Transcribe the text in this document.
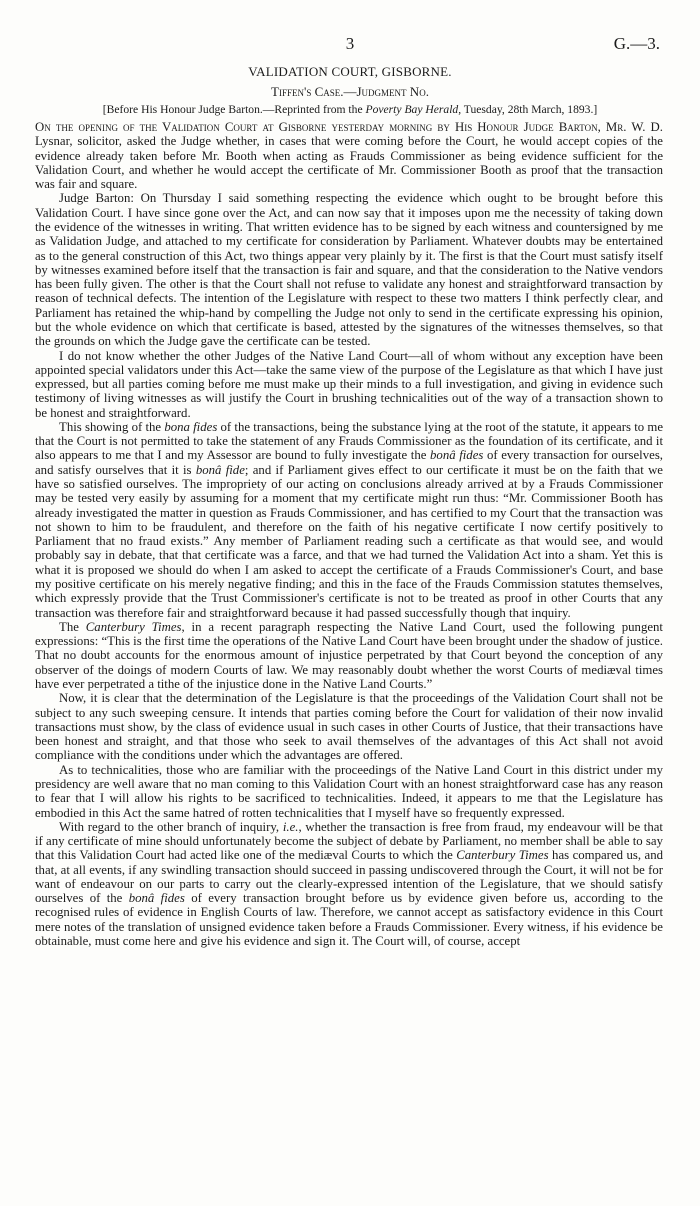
3	G.—3.
VALIDATION COURT, GISBORNE.
Tiffen's Case.—Judgment No.
[Before His Honour Judge Barton.—Reprinted from the Poverty Bay Herald, Tuesday, 28th March, 1893.]

On the opening of the Validation Court at Gisborne yesterday morning by His Honour Judge Barton, Mr. W. D. Lysnar, solicitor, asked the Judge whether, in cases that were coming before the Court, he would accept copies of the evidence already taken before Mr. Booth when acting as Frauds Commissioner as being evidence sufficient for the Validation Court, and whether he would accept the certificate of Mr. Commissioner Booth as proof that the transaction was fair and square.

Judge Barton: On Thursday I said something respecting the evidence which ought to be brought before this Validation Court. I have since gone over the Act, and can now say that it imposes upon me the necessity of taking down the evidence of the witnesses in writing. That written evidence has to be signed by each witness and countersigned by me as Validation Judge, and attached to my certificate for consideration by Parliament. Whatever doubts may be entertained as to the general construction of this Act, two things appear very plainly by it. The first is that the Court must satisfy itself by witnesses examined before itself that the transaction is fair and square, and that the consideration to the Native vendors has been fully given. The other is that the Court shall not refuse to validate any honest and straightforward transaction by reason of technical defects. The intention of the Legislature with respect to these two matters I think perfectly clear, and Parliament has retained the whip-hand by compelling the Judge not only to send in the certificate expressing his opinion, but the whole evidence on which that certificate is based, attested by the signatures of the witnesses themselves, so that the grounds on which the Judge gave the certificate can be tested.

I do not know whether the other Judges of the Native Land Court—all of whom without any exception have been appointed special validators under this Act—take the same view of the purpose of the Legislature as that which I have just expressed, but all parties coming before me must make up their minds to a full investigation, and giving in evidence such testimony of living witnesses as will justify the Court in brushing technicalities out of the way of a transaction shown to be honest and straightforward.

This showing of the bona fides of the transactions, being the substance lying at the root of the statute, it appears to me that the Court is not permitted to take the statement of any Frauds Commissioner as the foundation of its certificate, and it also appears to me that I and my Assessor are bound to fully investigate the bonâ fides of every transaction for ourselves, and satisfy ourselves that it is bonâ fide; and if Parliament gives effect to our certificate it must be on the faith that we have so satisfied ourselves. The impropriety of our acting on conclusions already arrived at by a Frauds Commissioner may be tested very easily by assuming for a moment that my certificate might run thus: “Mr. Commissioner Booth has already investigated the matter in question as Frauds Commissioner, and has certified to my Court that the transaction was not shown to him to be fraudulent, and therefore on the faith of his negative certificate I now certify positively to Parliament that no fraud exists.” Any member of Parliament reading such a certificate as that would see, and would probably say in debate, that that certificate was a farce, and that we had turned the Validation Act into a sham. Yet this is what it is proposed we should do when I am asked to accept the certificate of a Frauds Commissioner's Court, and base my positive certificate on his merely negative finding; and this in the face of the Frauds Commission statutes themselves, which expressly provide that the Trust Commissioner's certificate is not to be treated as proof in other Courts that any transaction was therefore fair and straightforward because it had passed successfully though that inquiry.

The Canterbury Times, in a recent paragraph respecting the Native Land Court, used the following pungent expressions: “This is the first time the operations of the Native Land Court have been brought under the shadow of justice. That no doubt accounts for the enormous amount of injustice perpetrated by that Court beyond the conception of any observer of the doings of modern Courts of law. We may reasonably doubt whether the worst Courts of mediæval times have ever perpetrated a tithe of the injustice done in the Native Land Courts.”

Now, it is clear that the determination of the Legislature is that the proceedings of the Validation Court shall not be subject to any such sweeping censure. It intends that parties coming before the Court for validation of their now invalid transactions must show, by the class of evidence usual in such cases in other Courts of Justice, that their transactions have been honest and straight, and that those who seek to avail themselves of the advantages of this Act shall not avoid compliance with the conditions under which the advantages are offered.

As to technicalities, those who are familiar with the proceedings of the Native Land Court in this district under my presidency are well aware that no man coming to this Validation Court with an honest straightforward case has any reason to fear that I will allow his rights to be sacrificed to technicalities. Indeed, it appears to me that the Legislature has embodied in this Act the same hatred of rotten technicalities that I myself have so frequently expressed.

With regard to the other branch of inquiry, i.e., whether the transaction is free from fraud, my endeavour will be that if any certificate of mine should unfortunately become the subject of debate by Parliament, no member shall be able to say that this Validation Court had acted like one of the mediæval Courts to which the Canterbury Times has compared us, and that, at all events, if any swindling transaction should succeed in passing undiscovered through the Court, it will not be for want of endeavour on our parts to carry out the clearly-expressed intention of the Legislature, that we should satisfy ourselves of the bonâ fides of every transaction brought before us by evidence given before us, according to the recognised rules of evidence in English Courts of law. Therefore, we cannot accept as satisfactory evidence in this Court mere notes of the translation of unsigned evidence taken before a Frauds Commissioner. Every witness, if his evidence be obtainable, must come here and give his evidence and sign it. The Court will, of course, accept
